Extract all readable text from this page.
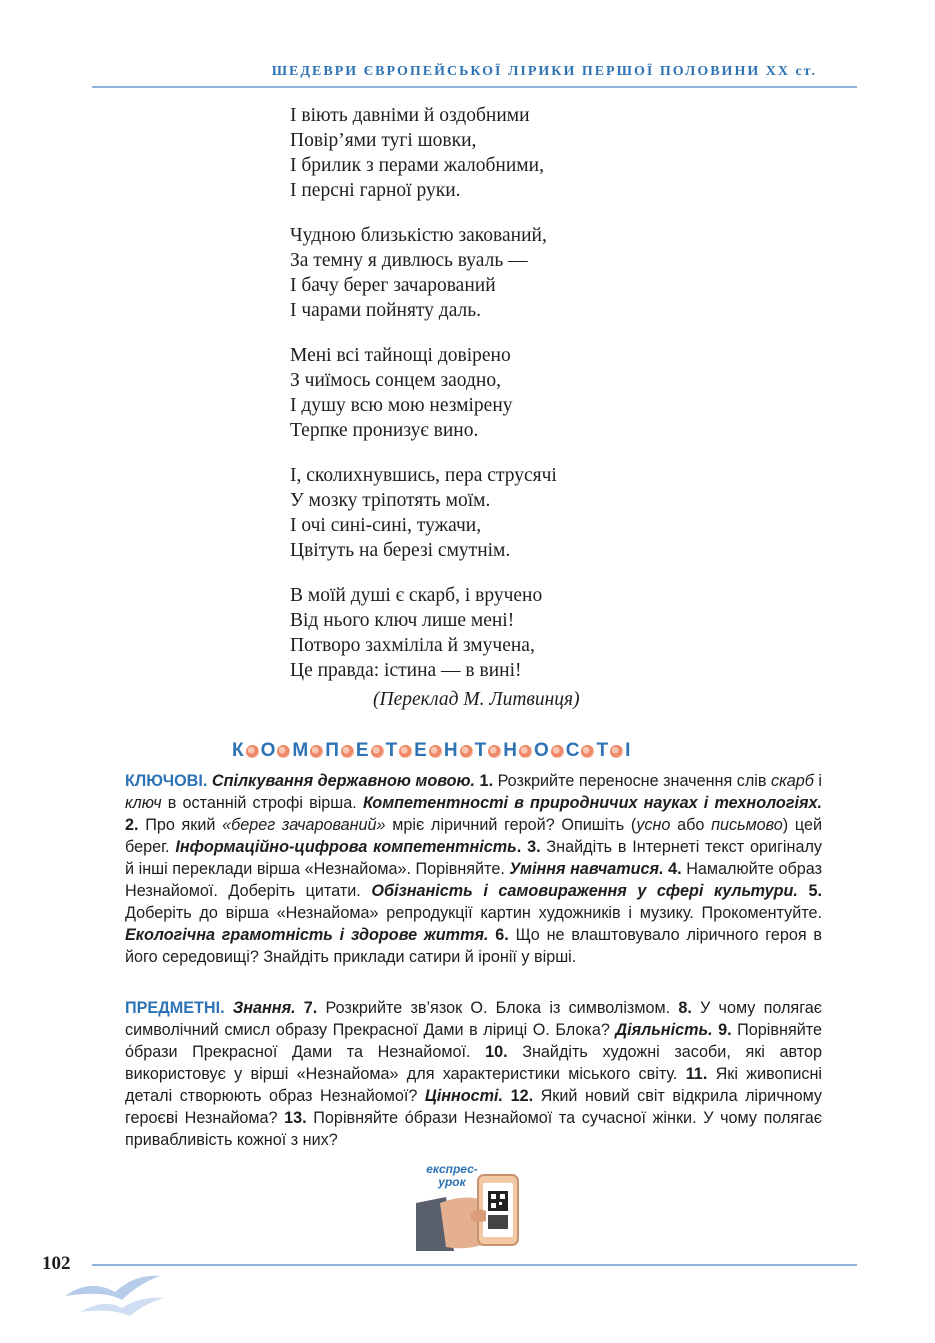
ШЕДЕВРИ ЄВРОПЕЙСЬКОЇ ЛІРИКИ ПЕРШОЇ ПОЛОВИНИ XX ст.
І віють давніми й оздобними
Повір’ями тугі шовки,
І брилик з перами жалобними,
І персні гарної руки.
Чудною близькістю закований,
За темну я дивлюсь вуаль —
І бачу берег зачарований
І чарами пойняту даль.
Мені всі тайнощі довірено
З чиїмось сонцем заодно,
І душу всю мою незмірену
Терпке пронизує вино.
І, сколихнувшись, пера струсячі
У мозку тріпотять моїм.
І очі сині-сині, тужачи,
Цвітуть на березі смутнім.
В моїй душі є скарб, і вручено
Від нього ключ лише мені!
Потворо захміліла й змучена,
Це правда: істина — в вині!
(Переклад М. Литвинця)
К О М П Е Т Е Н Т Н О С Т І
КЛЮЧОВІ. Спілкування державною мовою. 1. Розкрийте переносне значення слів скарб і ключ в останній строфі вірша. Компетентності в природничих науках і технологіях. 2. Про який «берег зачарований» мріє ліричний герой? Опишіть (усно або письмово) цей берег. Інформаційно-цифрова компетентність. 3. Знайдіть в Інтернеті текст оригіналу й інші переклади вірша «Незнайома». Порівняйте. Уміння навчатися. 4. Намалюйте образ Незнайомої. Доберіть цитати. Обізнаність і самовираження у сфері культури. 5. Доберіть до вірша «Незнайома» репродукції картин художників і музику. Прокоментуйте. Екологічна грамотність і здорове життя. 6. Що не влаштовувало ліричного героя в його середовищі? Знайдіть приклади сатири й іронії у вірші.
ПРЕДМЕТНІ. Знання. 7. Розкрийте зв’язок О. Блока із символізмом. 8. У чому полягає символічний смисл образу Прекрасної Дами в ліриці О. Блока? Діяльність. 9. Порівняйте о́брази Прекрасної Дами та Незнайомої. 10. Знайдіть художні засоби, які автор використовує у вірші «Незнайома» для характеристики міського світу. 11. Які живописні деталі створюють образ Незнайомої? Цінності. 12. Який новий світ відкрила ліричному героєві Незнайома? 13. Порівняйте о́брази Незнайомої та сучасної жінки. У чому полягає привабливість кожної з них?
експрес-
урок
102
